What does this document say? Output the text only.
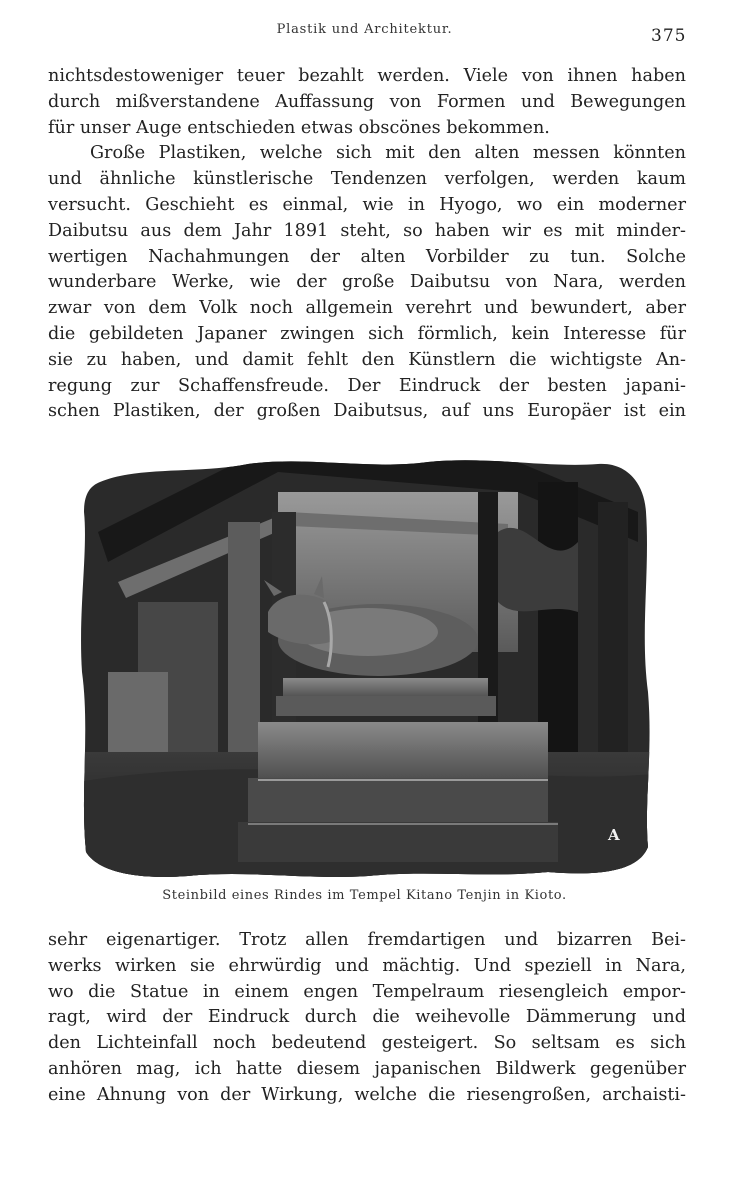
Plastik und Architektur.	375
nichtsdestoweniger teuer bezahlt werden. Viele von ihnen haben
durch mißverstandene Auffassung von Formen und Bewegungen
für unser Auge entschieden etwas obscönes bekommen.
Große Plastiken, welche sich mit den alten messen könnten
und ähnliche künstlerische Tendenzen verfolgen, werden kaum
versucht. Geschieht es einmal, wie in Hyogo, wo ein moderner
Daibutsu aus dem Jahr 1891 steht, so haben wir es mit minder-
wertigen Nachahmungen der alten Vorbilder zu tun. Solche
wunderbare Werke, wie der große Daibutsu von Nara, werden
zwar von dem Volk noch allgemein verehrt und bewundert, aber
die gebildeten Japaner zwingen sich förmlich, kein Interesse für
sie zu haben, und damit fehlt den Künstlern die wichtigste An-
regung zur Schaffensfreude. Der Eindruck der besten japani-
schen Plastiken, der großen Daibutsus, auf uns Europäer ist ein
A
Steinbild eines Rindes im Tempel Kitano Tenjin in Kioto.
sehr eigenartiger. Trotz allen fremdartigen und bizarren Bei-
werks wirken sie ehrwürdig und mächtig. Und speziell in Nara,
wo die Statue in einem engen Tempelraum riesengleich empor-
ragt, wird der Eindruck durch die weihevolle Dämmerung und
den Lichteinfall noch bedeutend gesteigert. So seltsam es sich
anhören mag, ich hatte diesem japanischen Bildwerk gegenüber
eine Ahnung von der Wirkung, welche die riesengroßen, archaisti-
